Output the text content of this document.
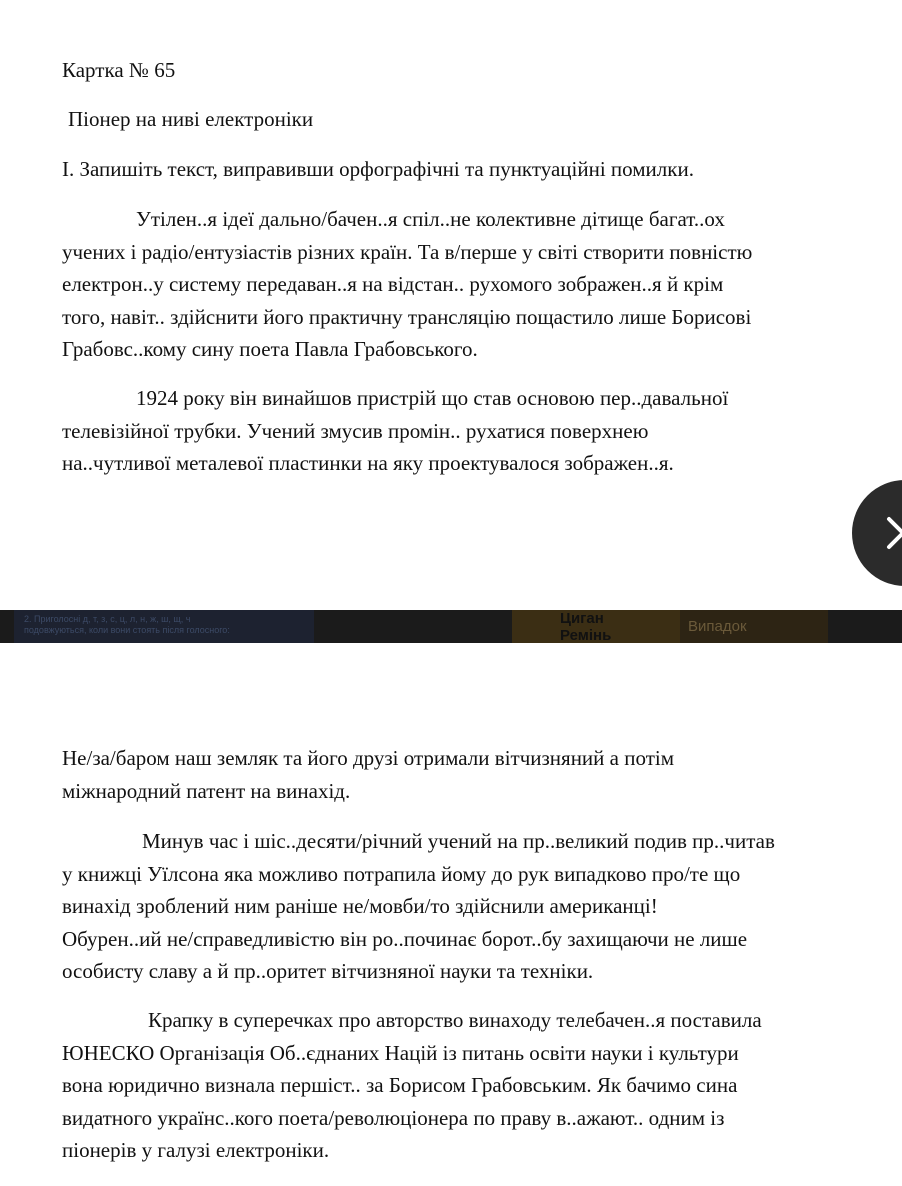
Картка № 65

Піонер на ниві електроніки

І. Запишіть текст, виправивши орфографічні та пунктуаційні помилки.

Утілен..я ідеї дально/бачен..я спіл..не колективне дітище багат..ох
учених і радіо/ентузіастів різних країн. Та в/перше у світі створити повністю
електрон..у систему передаван..я на відстан.. рухомого зображен..я й крім
того, навіт.. здійснити його практичну трансляцію пощастило лише Борисові
Грабовс..кому сину поета Павла Грабовського.
1924 року він винайшов пристрій що став основою пер..давальної
телевізійної трубки. Учений змусив промін.. рухатися поверхнею
на..чутливої металевої пластинки на яку проектувалося зображен..я.
Не/за/баром наш земляк та його друзі отримали вітчизняний а потім
міжнародний патент на винахід.
Минув час і шіс..десяти/річний учений на пр..великий подив пр..читав
у книжці Уїлсона яка можливо потрапила йому до рук випадково про/те що
винахід зроблений ним раніше не/мовби/то здійснили американці!
Обурен..ий не/справедливістю він ро..починає борот..бу захищаючи не лише
особисту славу а й пр..оритет вітчизняної науки та техніки.
Крапку в суперечках про авторство винаходу телебачен..я поставила
ЮНЕСКО Організація Об..єднаних Націй із питань освіти науки і культури
вона юридично визнала першіст.. за Борисом Грабовським. Як бачимо сина
видатного українс..кого поета/революціонера по праву в..ажают.. одним із
піонерів у галузі електроніки.
2. Приголосні д, т, з, с, ц, л, н, ж, ш, щ, ч
подовжуються, коли вони стоять після голосного:
Циган
Ремінь
Випадок
